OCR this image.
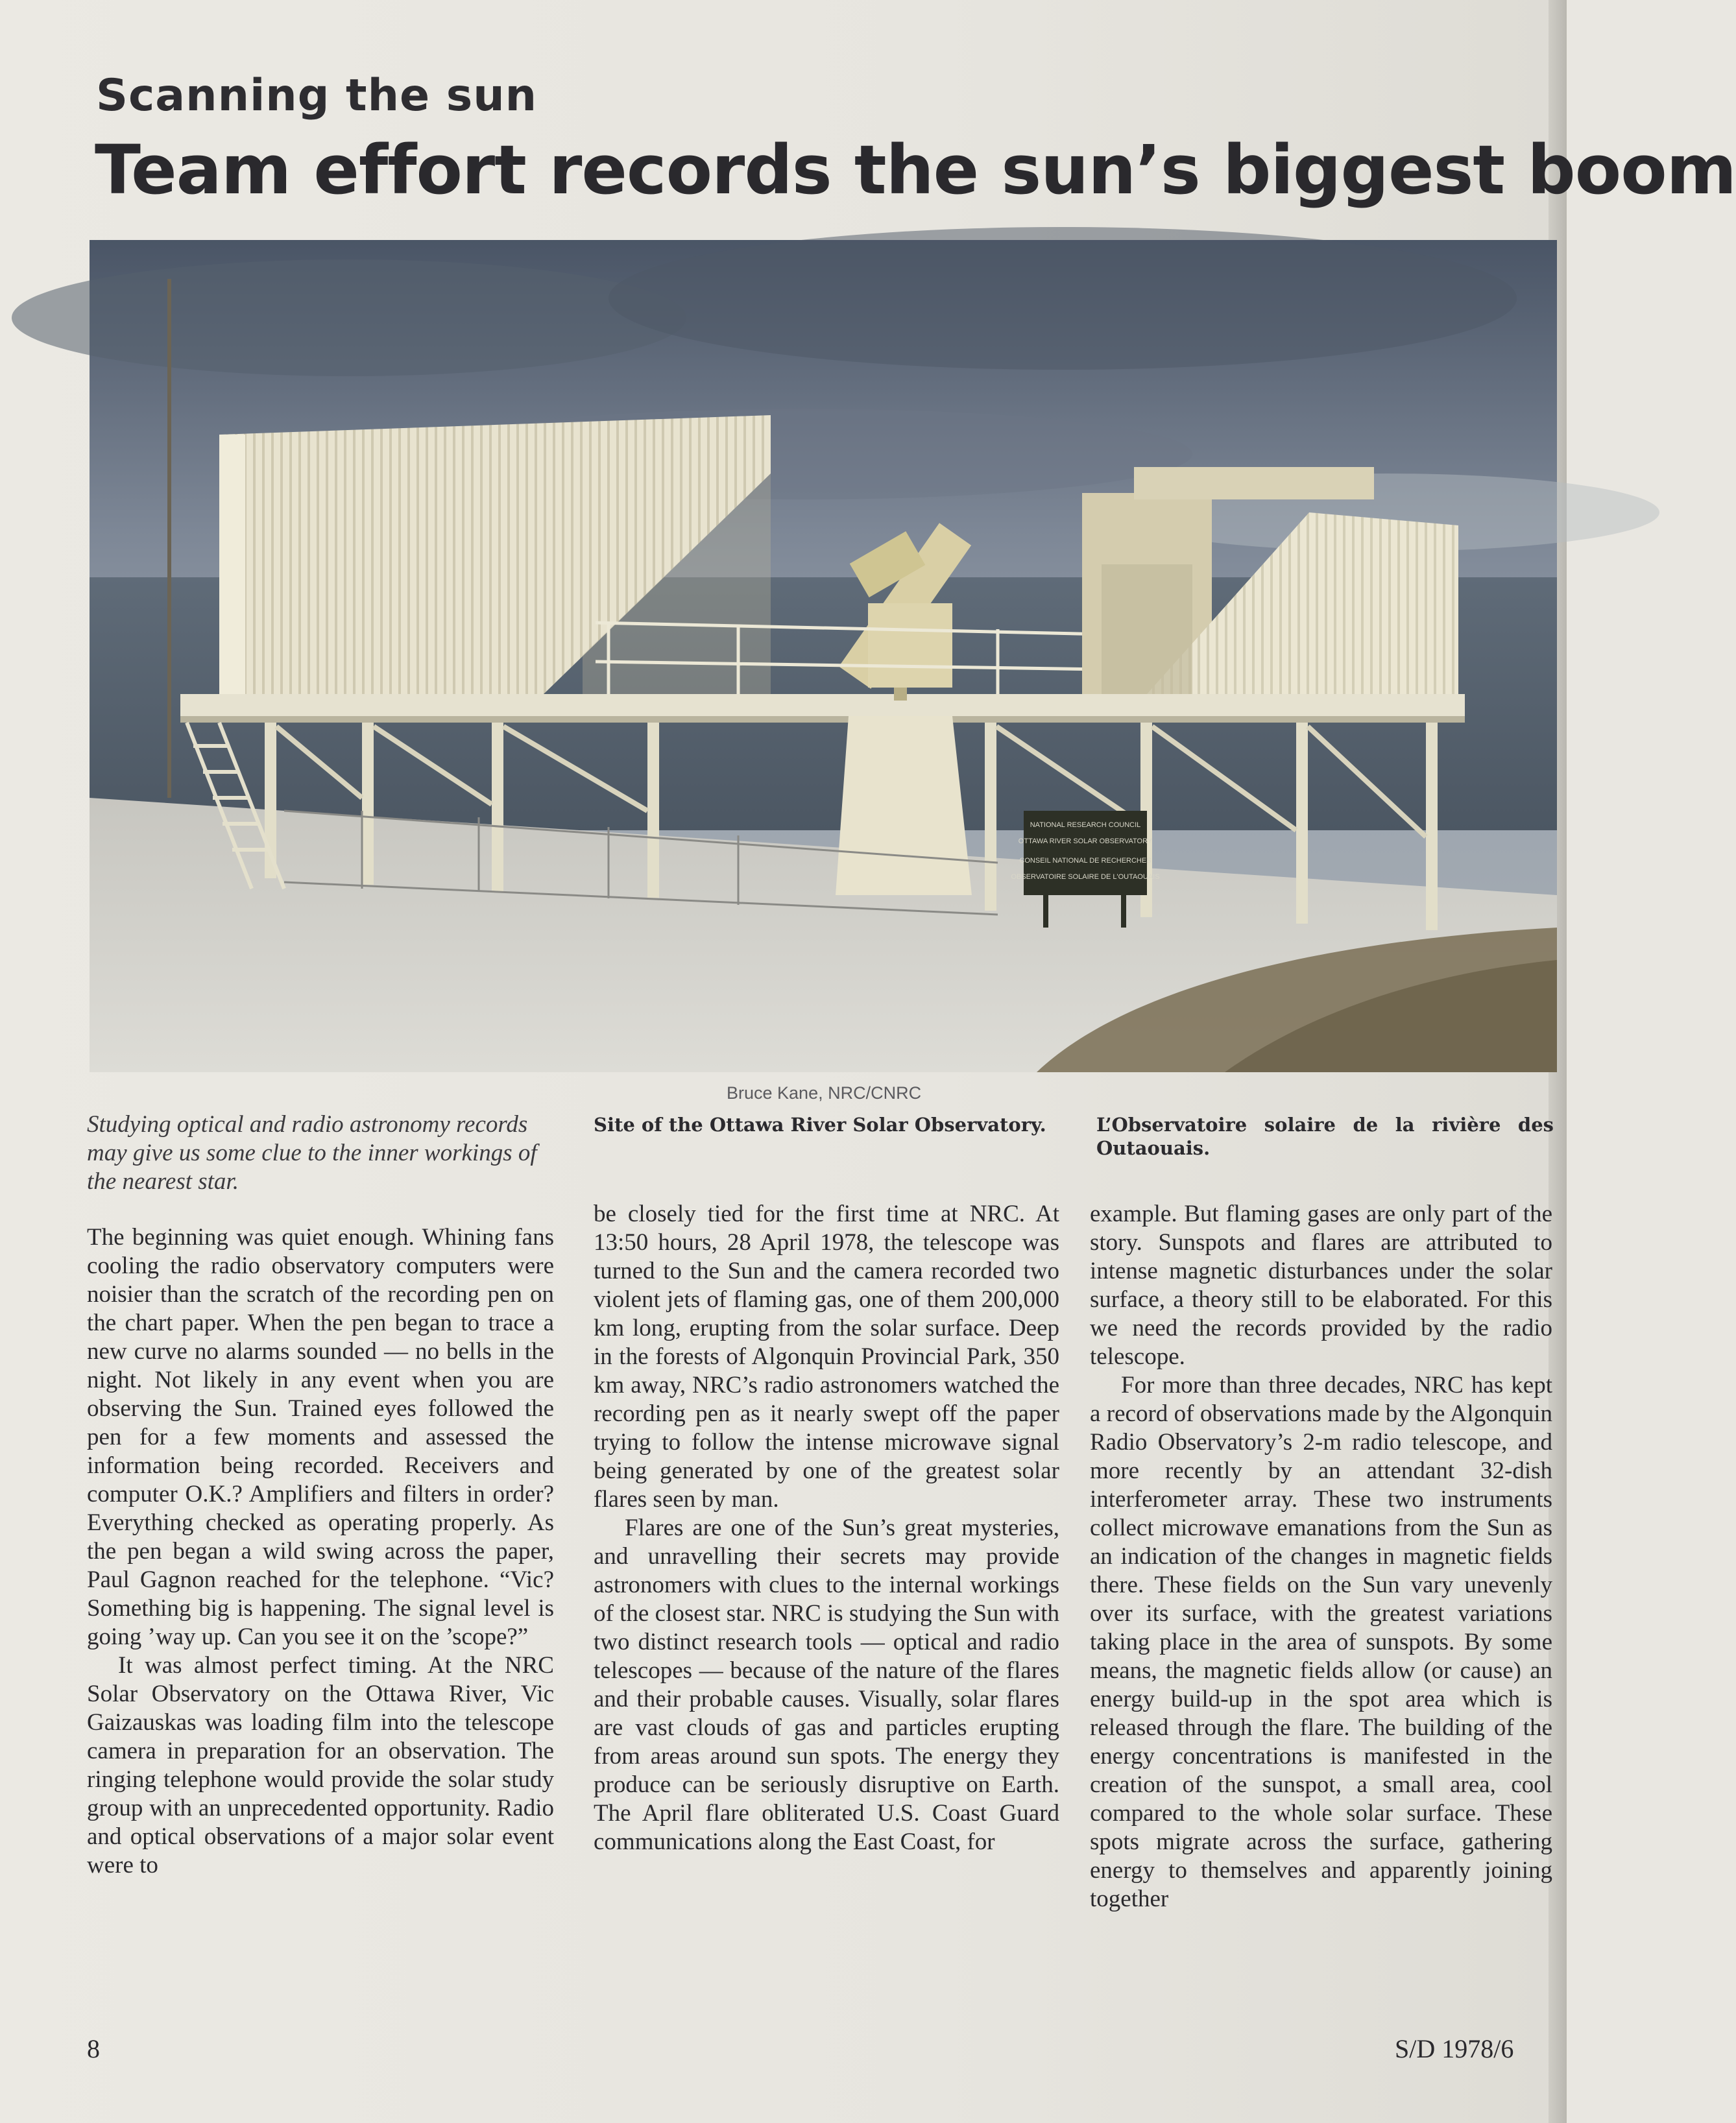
Scanning the sun
Team effort records the sun’s biggest boom
NATIONAL RESEARCH COUNCIL
OTTAWA RIVER SOLAR OBSERVATORY
CONSEIL NATIONAL DE RECHERCHES
OBSERVATOIRE SOLAIRE DE L'OUTAOUAIS
Bruce Kane, NRC/CNRC
Studying optical and radio astronomy records may give us some clue to the inner workings of the nearest star.
Site of the Ottawa River Solar Observatory.	L’Observatoire solaire de la rivière des Outaouais.

The beginning was quiet enough. Whining fans cooling the radio observatory computers were noisier than the scratch of the recording pen on the chart paper. When the pen began to trace a new curve no alarms sounded — no bells in the night. Not likely in any event when you are observing the Sun. Trained eyes followed the pen for a few moments and assessed the information being recorded. Receivers and computer O.K.? Amplifiers and filters in order? Everything checked as operating properly. As the pen began a wild swing across the paper, Paul Gagnon reached for the telephone. “Vic? Something big is happening. The signal level is going ’way up. Can you see it on the ’scope?”

It was almost perfect timing. At the NRC Solar Observatory on the Ottawa River, Vic Gaizauskas was loading film into the telescope camera in preparation for an observation. The ringing telephone would provide the solar study group with an unprecedented opportunity. Radio and optical observations of a major solar event were to

be closely tied for the first time at NRC. At 13:50 hours, 28 April 1978, the telescope was turned to the Sun and the camera recorded two violent jets of flaming gas, one of them 200,000 km long, erupting from the solar surface. Deep in the forests of Algonquin Provincial Park, 350 km away, NRC’s radio astronomers watched the recording pen as it nearly swept off the paper trying to follow the intense microwave signal being generated by one of the greatest solar flares seen by man.

Flares are one of the Sun’s great mysteries, and unravelling their secrets may provide astronomers with clues to the internal workings of the closest star. NRC is studying the Sun with two distinct research tools — optical and radio telescopes — because of the nature of the flares and their probable causes. Visually, solar flares are vast clouds of gas and particles erupting from areas around sun spots. The energy they produce can be seriously disruptive on Earth. The April flare obliterated U.S. Coast Guard communications along the East Coast, for

example. But flaming gases are only part of the story. Sunspots and flares are attributed to intense magnetic disturbances under the solar surface, a theory still to be elaborated. For this we need the records provided by the radio telescope.

For more than three decades, NRC has kept a record of observations made by the Algonquin Radio Observatory’s 2-m radio telescope, and more recently by an attendant 32-dish interferometer array. These two instruments collect microwave emanations from the Sun as an indication of the changes in magnetic fields there. These fields on the Sun vary unevenly over its surface, with the greatest variations taking place in the area of sunspots. By some means, the magnetic fields allow (or cause) an energy build-up in the spot area which is released through the flare. The building of the energy concentrations is manifested in the creation of the sunspot, a small area, cool compared to the whole solar surface. These spots migrate across the surface, gathering energy to themselves and apparently joining together

8	S/D 1978/6
